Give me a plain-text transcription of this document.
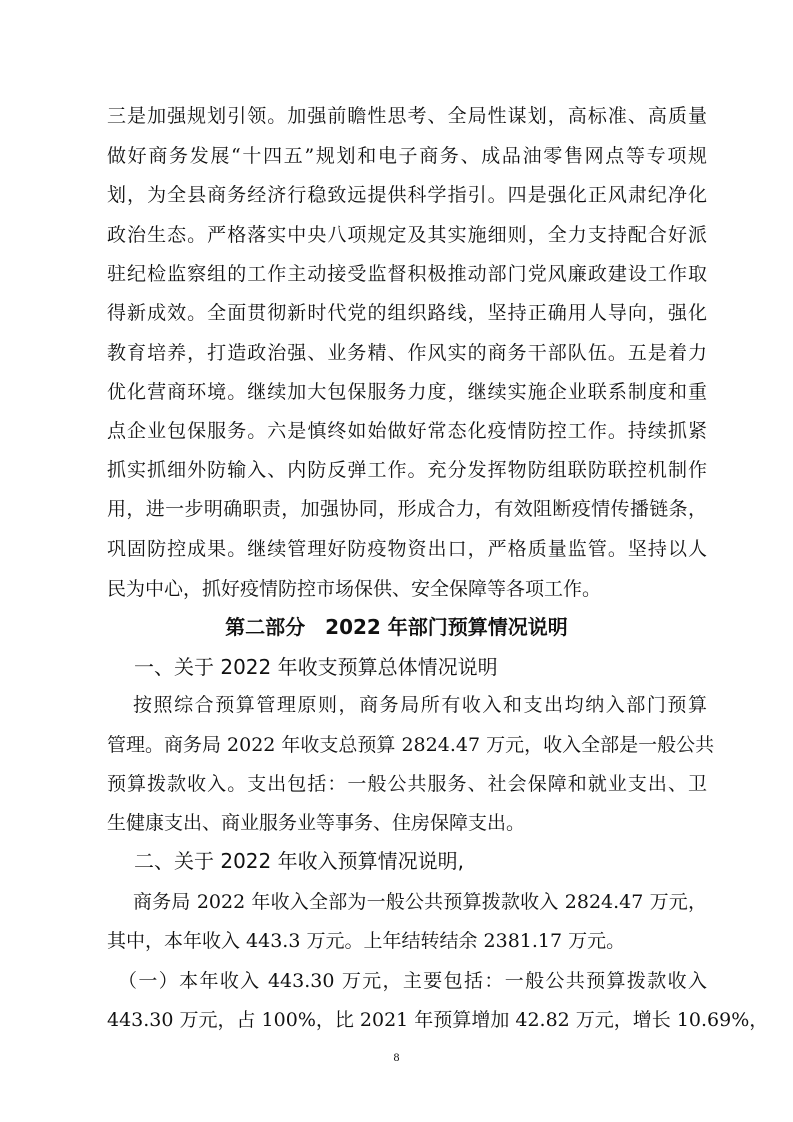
三是加强规划引领。加强前瞻性思考、全局性谋划，高标准、高质量
做好商务发展“十四五”规划和电子商务、成品油零售网点等专项规
划，为全县商务经济行稳致远提供科学指引。四是强化正风肃纪净化
政治生态。严格落实中央八项规定及其实施细则，全力支持配合好派
驻纪检监察组的工作主动接受监督积极推动部门党风廉政建设工作取
得新成效。全面贯彻新时代党的组织路线，坚持正确用人导向，强化
教育培养，打造政治强、业务精、作风实的商务干部队伍。五是着力
优化营商环境。继续加大包保服务力度，继续实施企业联系制度和重
点企业包保服务。六是慎终如始做好常态化疫情防控工作。持续抓紧
抓实抓细外防输入、内防反弹工作。充分发挥物防组联防联控机制作
用，进一步明确职责，加强协同，形成合力，有效阻断疫情传播链条，
巩固防控成果。继续管理好防疫物资出口，严格质量监管。坚持以人
民为中心，抓好疫情防控市场保供、安全保障等各项工作。
第二部分　2022 年部门预算情况说明
一、关于 2022 年收支预算总体情况说明
按照综合预算管理原则，商务局所有收入和支出均纳入部门预算
管理。商务局 2022 年收支总预算 2824.47 万元，收入全部是一般公共
预算拨款收入。支出包括：一般公共服务、社会保障和就业支出、卫
生健康支出、商业服务业等事务、住房保障支出。
二、关于 2022 年收入预算情况说明,
商务局 2022 年收入全部为一般公共预算拨款收入 2824.47 万元，
其中，本年收入 443.3 万元。上年结转结余 2381.17 万元。
（一）本年收入 443.30 万元，主要包括：一般公共预算拨款收入
443.30 万元，占 100%，比 2021 年预算增加 42.82 万元，增长 10.69%，
8
